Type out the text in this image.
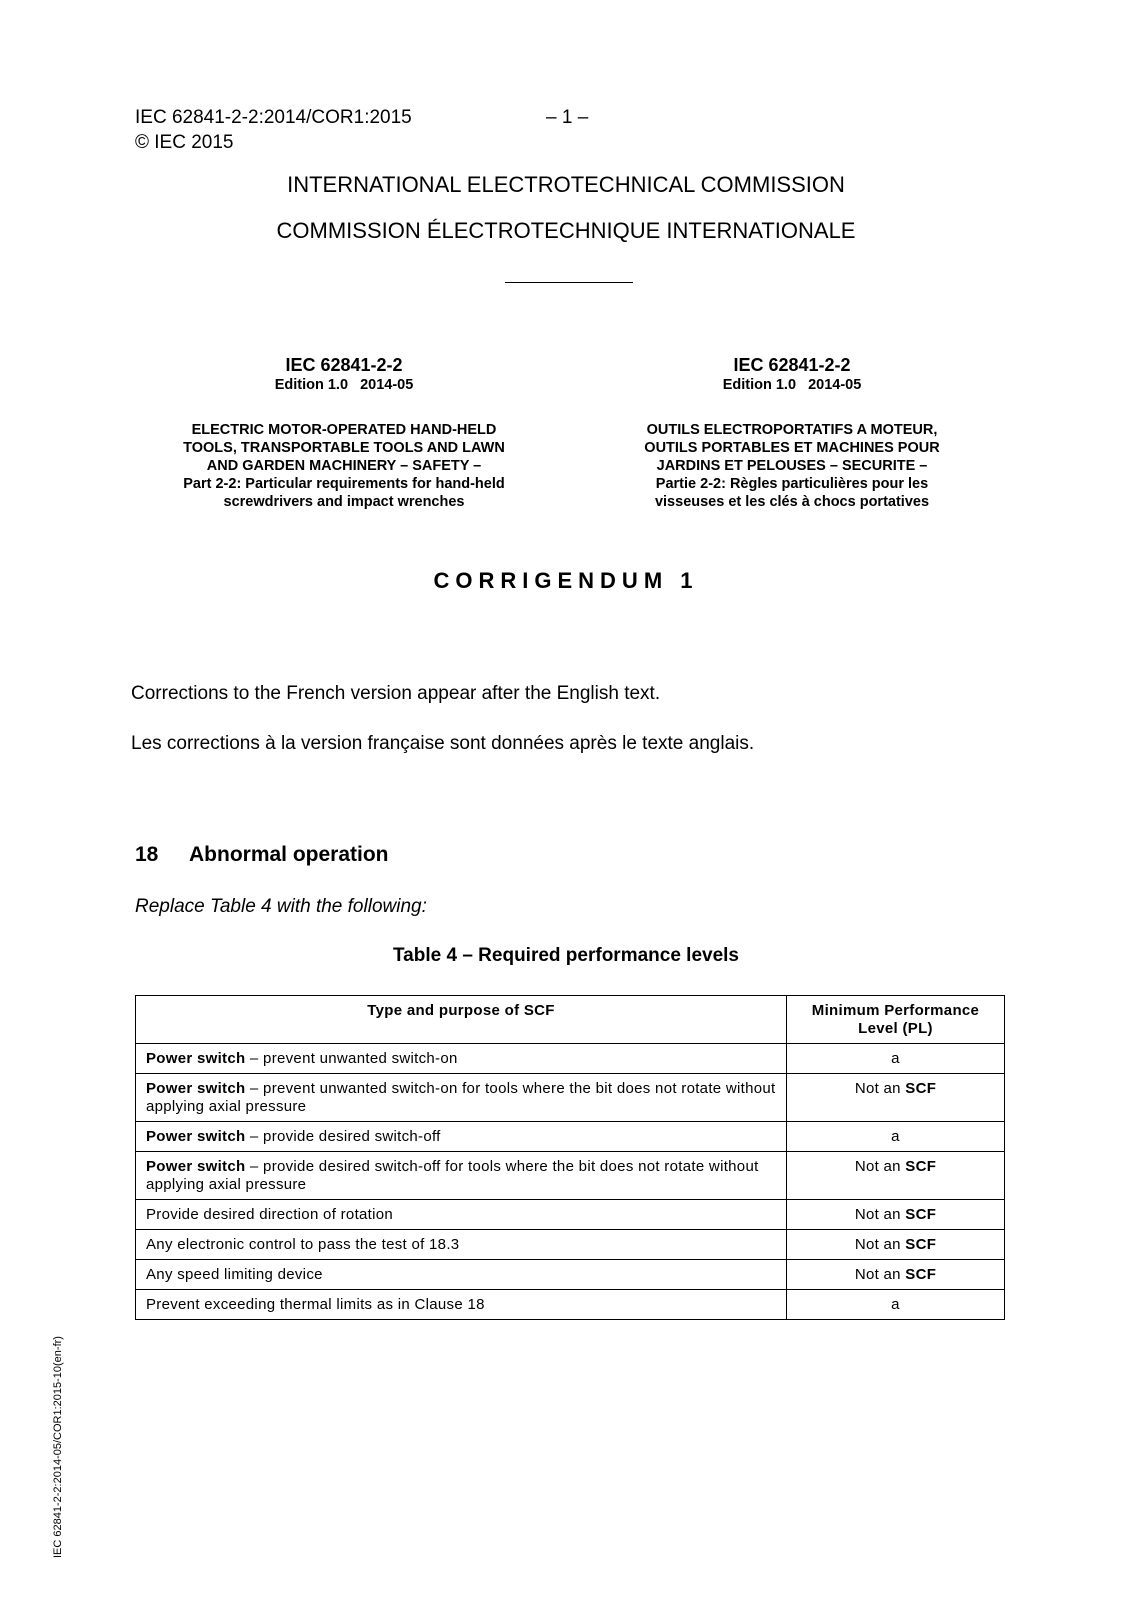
IEC 62841-2-2:2014/COR1:2015	– 1 –
© IEC 2015
INTERNATIONAL ELECTROTECHNICAL COMMISSION
COMMISSION ÉLECTROTECHNIQUE INTERNATIONALE
IEC 62841-2-2
Edition 1.0   2014-05
ELECTRIC MOTOR-OPERATED HAND-HELD
TOOLS, TRANSPORTABLE TOOLS AND LAWN
AND GARDEN MACHINERY – SAFETY –
Part 2-2: Particular requirements for hand-held
screwdrivers and impact wrenches
IEC 62841-2-2
Edition 1.0   2014-05
OUTILS ELECTROPORTATIFS A MOTEUR,
OUTILS PORTABLES ET MACHINES POUR
JARDINS ET PELOUSES – SECURITE –
Partie 2-2: Règles particulières pour les
visseuses et les clés à chocs portatives
CORRIGENDUM 1
Corrections to the French version appear after the English text.
Les corrections à la version française sont données après le texte anglais.
18 Abnormal operation
Replace Table 4 with the following:
Table 4 – Required performance levels
Type and purpose of SCF	Minimum Performance Level (PL)
Power switch – prevent unwanted switch-on	a
Power switch – prevent unwanted switch-on for tools where the bit does not rotate without applying axial pressure	Not an SCF
Power switch – provide desired switch-off	a
Power switch – provide desired switch-off for tools where the bit does not rotate without applying axial pressure	Not an SCF
Provide desired direction of rotation	Not an SCF
Any electronic control to pass the test of 18.3	Not an SCF
Any speed limiting device	Not an SCF
Prevent exceeding thermal limits as in Clause 18	a
IEC 62841-2-2:2014-05/COR1:2015-10(en-fr)
